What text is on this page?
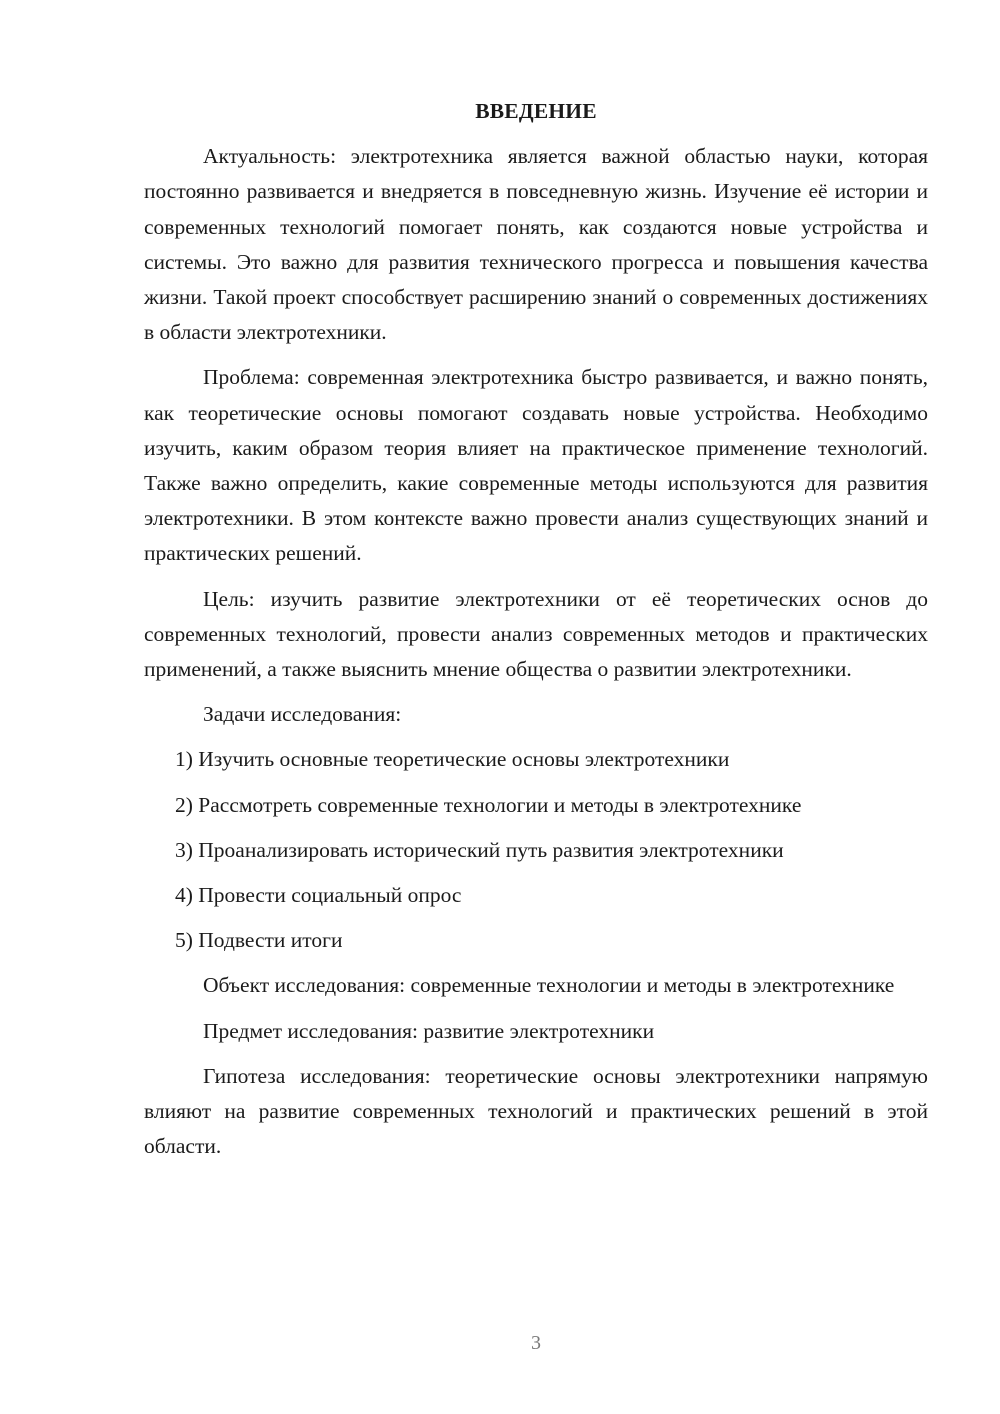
ВВЕДЕНИЕ

Актуальность: электротехника является важной областью науки, которая постоянно развивается и внедряется в повседневную жизнь. Изучение её истории и современных технологий помогает понять, как создаются новые устройства и системы. Это важно для развития технического прогресса и повышения качества жизни. Такой проект способствует расширению знаний о современных достижениях в области электротехники.

Проблема: современная электротехника быстро развивается, и важно понять, как теоретические основы помогают создавать новые устройства. Необходимо изучить, каким образом теория влияет на практическое применение технологий. Также важно определить, какие современные методы используются для развития электротехники. В этом контексте важно провести анализ существующих знаний и практических решений.

Цель: изучить развитие электротехники от её теоретических основ до современных технологий, провести анализ современных методов и практических применений, а также выяснить мнение общества о развитии электротехники.

Задачи исследования:

1) Изучить основные теоретические основы электротехники

2) Рассмотреть современные технологии и методы в электротехнике

3) Проанализировать исторический путь развития электротехники

4) Провести социальный опрос

5) Подвести итоги

Объект исследования: современные технологии и методы в электротехнике

Предмет исследования: развитие электротехники

Гипотеза исследования: теоретические основы электротехники напрямую влияют на развитие современных технологий и практических решений в этой области.

3
